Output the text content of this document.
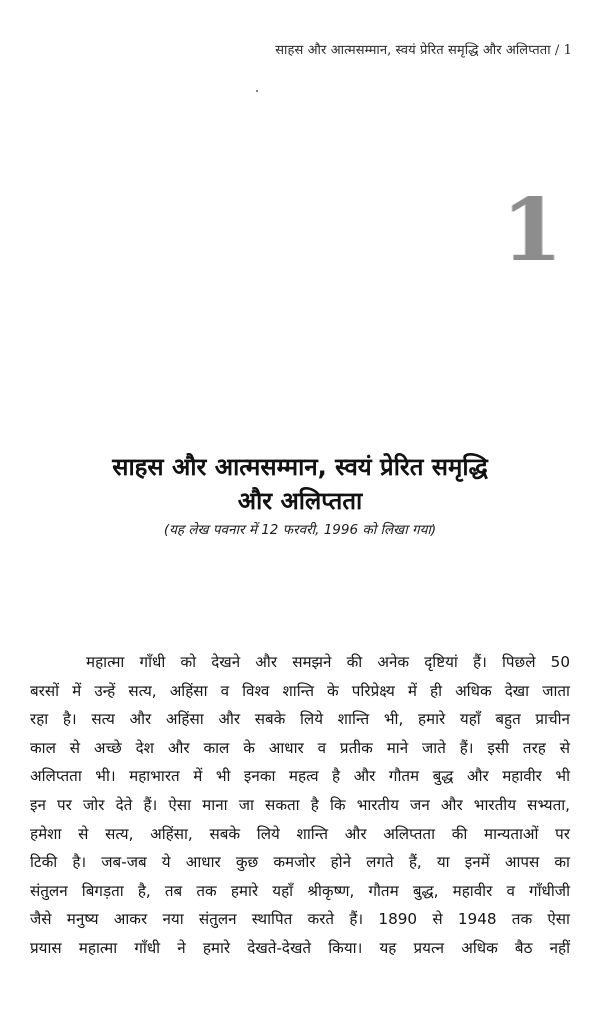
साहस और आत्मसम्मान, स्वयं प्रेरित समृद्धि और अलिप्तता / 1
1
साहस और आत्मसम्मान, स्वयं प्रेरित समृद्धि
और अलिप्तता
(यह लेख पवनार में 12 फरवरी, 1996 को लिखा गया)
महात्मा गाँधी को देखने और समझने की अनेक दृष्टियां हैं। पिछले 50
बरसों में उन्हें सत्य, अहिंसा व विश्व शान्ति के परिप्रेक्ष्य में ही अधिक देखा जाता
रहा है। सत्य और अहिंसा और सबके लिये शान्ति भी, हमारे यहाँ बहुत प्राचीन
काल से अच्छे देश और काल के आधार व प्रतीक माने जाते हैं। इसी तरह से
अलिप्तता भी। महाभारत में भी इनका महत्व है और गौतम बुद्ध और महावीर भी
इन पर जोर देते हैं। ऐसा माना जा सकता है कि भारतीय जन और भारतीय सभ्यता,
हमेशा से सत्य, अहिंसा, सबके लिये शान्ति और अलिप्तता की मान्यताओं पर
टिकी है। जब-जब ये आधार कुछ कमजोर होने लगते हैं, या इनमें आपस का
संतुलन बिगड़ता है, तब तक हमारे यहाँ श्रीकृष्ण, गौतम बुद्ध, महावीर व गाँधीजी
जैसे मनुष्य आकर नया संतुलन स्थापित करते हैं। 1890 से 1948 तक ऐसा
प्रयास महात्मा गाँधी ने हमारे देखते-देखते किया। यह प्रयत्न अधिक बैठ नहीं
